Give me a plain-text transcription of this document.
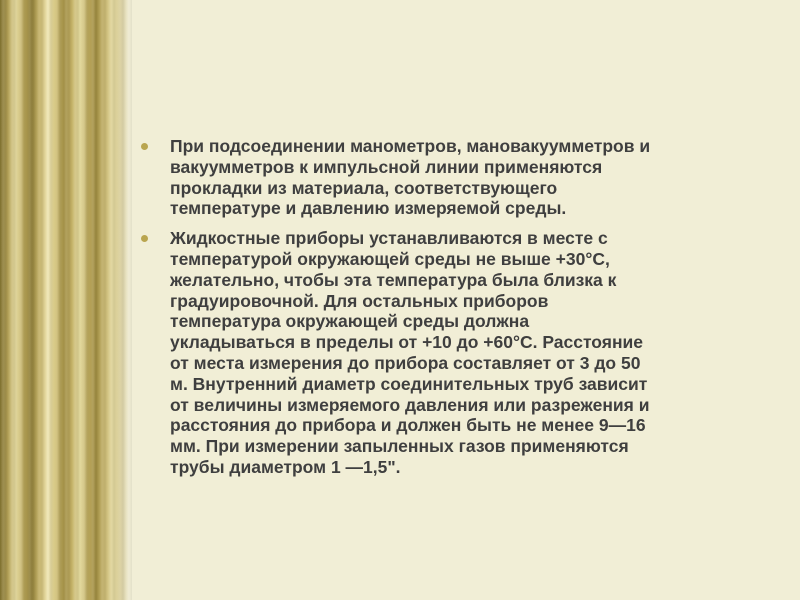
При подсоединении манометров, мановакуумметров и
вакуумметров к импульсной линии применяются
прокладки из материала, соответствующего
температуре и давлению измеряемой среды.
Жидкостные приборы устанавливаются в месте с
температурой окружающей среды не выше +30°С,
желательно, чтобы эта температура была близка к
градуировочной. Для остальных приборов
температура окружающей среды должна
укладываться в пределы от +10 до +60°С. Расстояние
от места измерения до прибора составляет от 3 до 50
м. Внутренний диаметр соединительных труб зависит
от величины измеряемого давления или разрежения и
расстояния до прибора и должен быть не менее 9—16
мм. При измерении запыленных газов применяются
трубы диаметром 1 —1,5".
